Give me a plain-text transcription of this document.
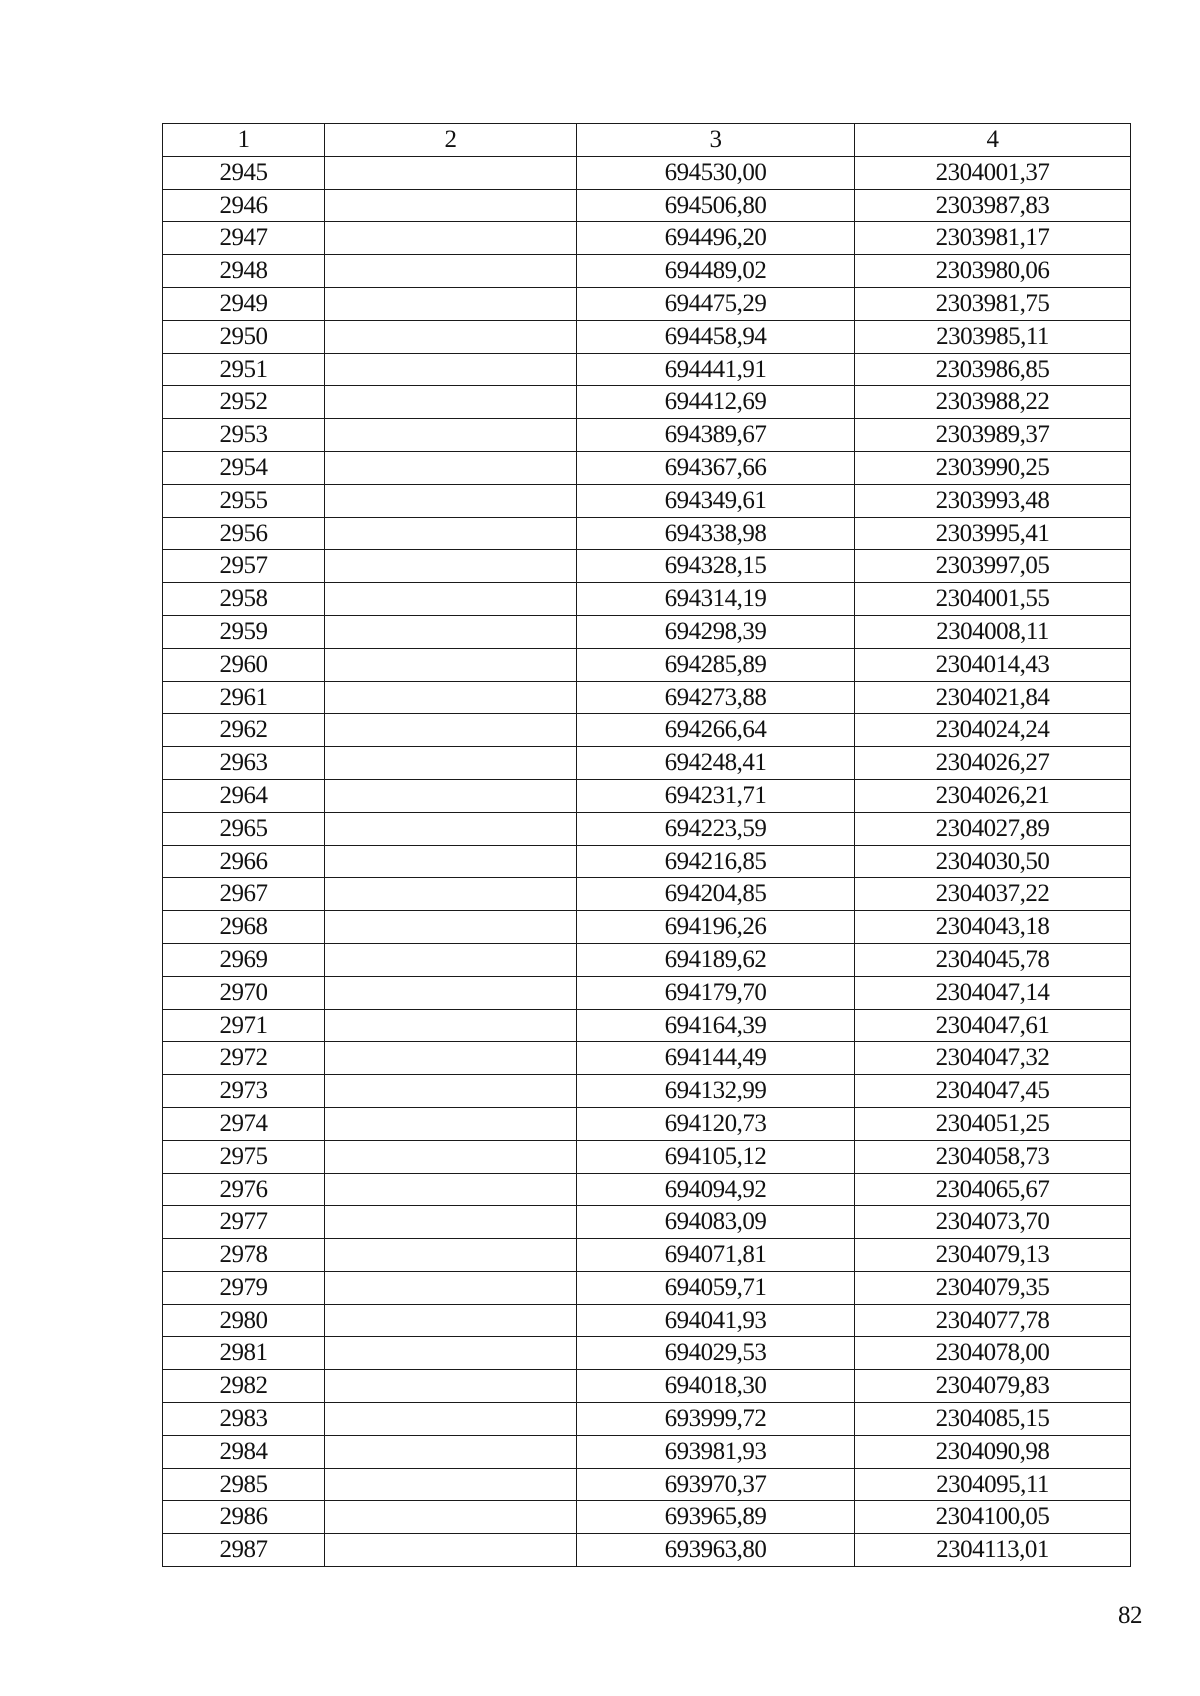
1	2	3	4
2945		694530,00	2304001,37
2946		694506,80	2303987,83
2947		694496,20	2303981,17
2948		694489,02	2303980,06
2949		694475,29	2303981,75
2950		694458,94	2303985,11
2951		694441,91	2303986,85
2952		694412,69	2303988,22
2953		694389,67	2303989,37
2954		694367,66	2303990,25
2955		694349,61	2303993,48
2956		694338,98	2303995,41
2957		694328,15	2303997,05
2958		694314,19	2304001,55
2959		694298,39	2304008,11
2960		694285,89	2304014,43
2961		694273,88	2304021,84
2962		694266,64	2304024,24
2963		694248,41	2304026,27
2964		694231,71	2304026,21
2965		694223,59	2304027,89
2966		694216,85	2304030,50
2967		694204,85	2304037,22
2968		694196,26	2304043,18
2969		694189,62	2304045,78
2970		694179,70	2304047,14
2971		694164,39	2304047,61
2972		694144,49	2304047,32
2973		694132,99	2304047,45
2974		694120,73	2304051,25
2975		694105,12	2304058,73
2976		694094,92	2304065,67
2977		694083,09	2304073,70
2978		694071,81	2304079,13
2979		694059,71	2304079,35
2980		694041,93	2304077,78
2981		694029,53	2304078,00
2982		694018,30	2304079,83
2983		693999,72	2304085,15
2984		693981,93	2304090,98
2985		693970,37	2304095,11
2986		693965,89	2304100,05
2987		693963,80	2304113,01
82
